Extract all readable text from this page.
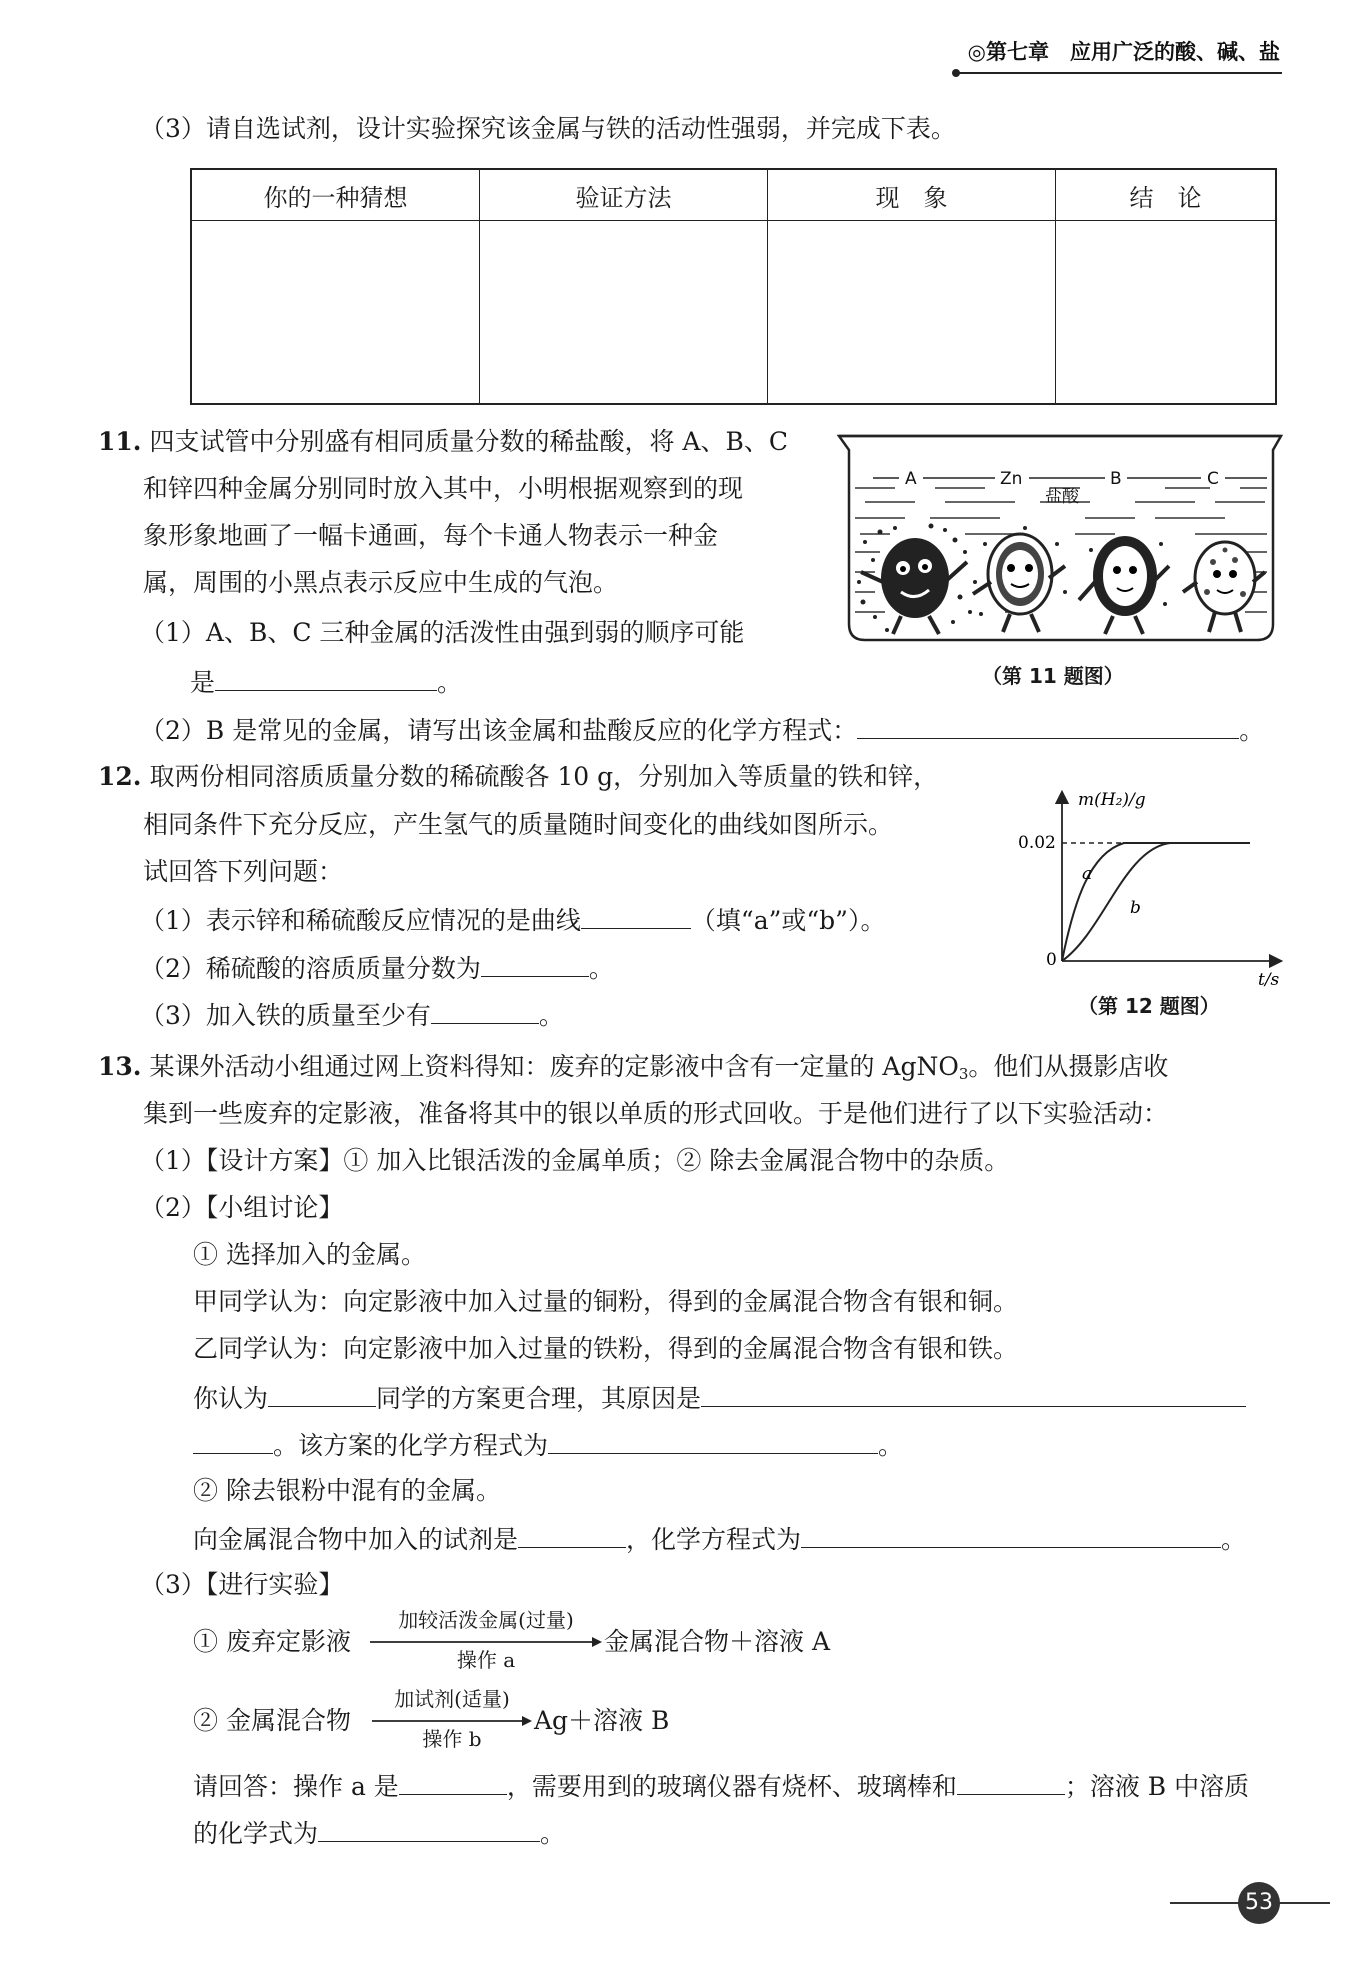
◎第七章　应用广泛的酸、碱、盐
（3）请自选试剂，设计实验探究该金属与铁的活动性强弱，并完成下表。
你的一种猜想	验证方法	现　象	结　论

11. 四支试管中分别盛有相同质量分数的稀盐酸，将 A、B、C
和锌四种金属分别同时放入其中，小明根据观察到的现
象形象地画了一幅卡通画，每个卡通人物表示一种金
属，周围的小黑点表示反应中生成的气泡。
（1）A、B、C 三种金属的活泼性由强到弱的顺序可能
是	。
（2）B 是常见的金属，请写出该金属和盐酸反应的化学方程式：	。
A	Zn
盐酸
B	C
（第 11 题图）
12. 取两份相同溶质质量分数的稀硫酸各 10 g，分别加入等质量的铁和锌，
相同条件下充分反应，产生氢气的质量随时间变化的曲线如图所示。
试回答下列问题：
（1）表示锌和稀硫酸反应情况的是曲线	（填“a”或“b”）。
（2）稀硫酸的溶质质量分数为	。
（3）加入铁的质量至少有	。
m(H₂)/g
t/s
0
0.02
a
b
（第 12 题图）
13. 某课外活动小组通过网上资料得知：废弃的定影液中含有一定量的 AgNO$_3$。他们从摄影店收
集到一些废弃的定影液，准备将其中的银以单质的形式回收。于是他们进行了以下实验活动：
（1）【设计方案】① 加入比银活泼的金属单质；② 除去金属混合物中的杂质。
（2）【小组讨论】
① 选择加入的金属。
甲同学认为：向定影液中加入过量的铜粉，得到的金属混合物含有银和铜。
乙同学认为：向定影液中加入过量的铁粉，得到的金属混合物含有银和铁。
你认为	同学的方案更合理，其原因是
。该方案的化学方程式为	。
② 除去银粉中混有的金属。
向金属混合物中加入的试剂是	，化学方程式为	。
（3）【进行实验】
① 废弃定影液
加较活泼金属(过量)
操作 a
金属混合物＋溶液 A
② 金属混合物
加试剂(适量)
操作 b
Ag＋溶液 B
请回答：操作 a 是	，需要用到的玻璃仪器有烧杯、玻璃棒和	；溶液 B 中溶质
的化学式为	。
53
